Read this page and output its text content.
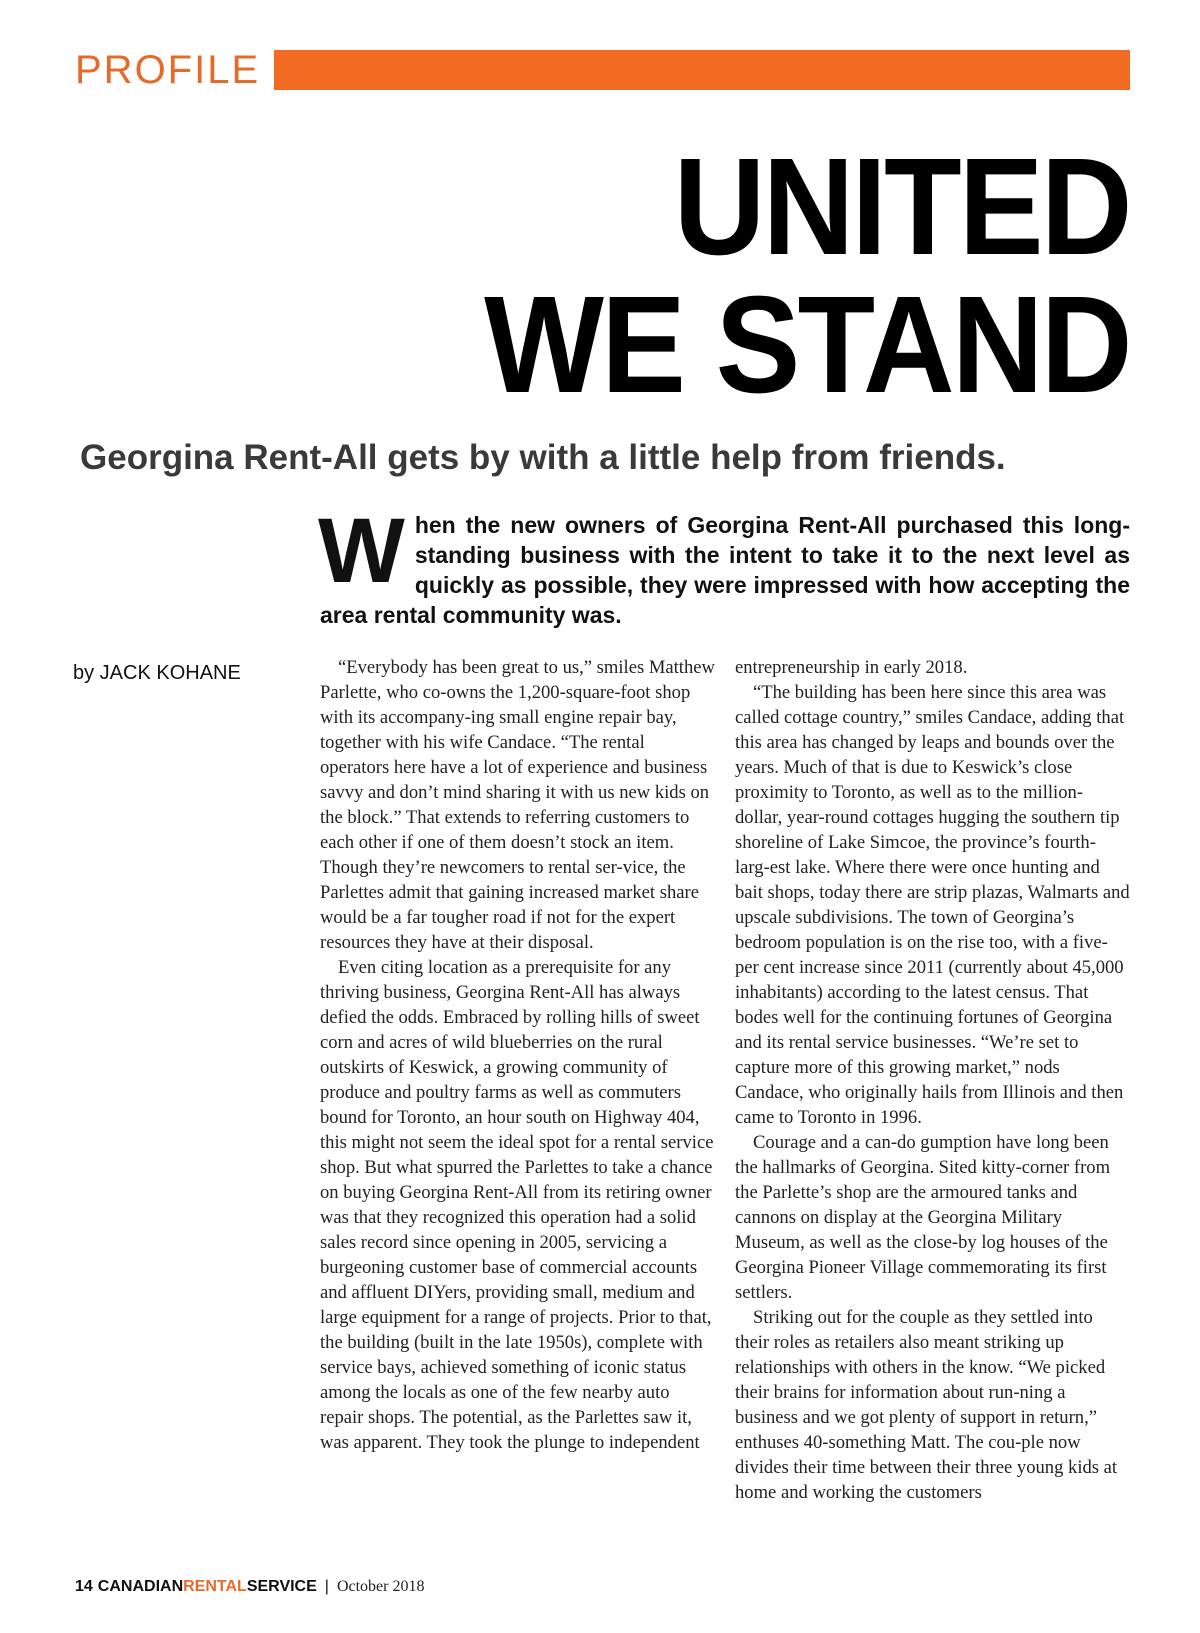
PROFILE
UNITED
WE STAND
Georgina Rent-All gets by with a little help from friends.
When the new owners of Georgina Rent-All purchased this long-standing business with the intent to take it to the next level as quickly as possible, they were impressed with how accepting the area rental community was.
by JACK KOHANE	“Everybody has been great to us,” smiles Matthew Parlette, who co-owns the 1,200-square-foot shop with its accompany-ing small engine repair bay, together with his wife Candace. “The rental operators here have a lot of experience and business savvy and don’t mind sharing it with us new kids on the block.” That extends to referring customers to each other if one of them doesn’t stock an item. Though they’re newcomers to rental ser-vice, the Parlettes admit that gaining increased market share would be a far tougher road if not for the expert resources they have at their disposal.

Even citing location as a prerequisite for any thriving business, Georgina Rent-All has always defied the odds. Embraced by rolling hills of sweet corn and acres of wild blueberries on the rural outskirts of Keswick, a growing community of produce and poultry farms as well as commuters bound for Toronto, an hour south on Highway 404, this might not seem the ideal spot for a rental service shop. But what spurred the Parlettes to take a chance on buying Georgina Rent-All from its retiring owner was that they recognized this operation had a solid sales record since opening in 2005, servicing a burgeoning customer base of commercial accounts and affluent DIYers, providing small, medium and large equipment for a range of projects. Prior to that, the building (built in the late 1950s), complete with service bays, achieved something of iconic status among the locals as one of the few nearby auto repair shops. The potential, as the Parlettes saw it, was apparent. They took the plunge to independent

entrepreneurship in early 2018.

“The building has been here since this area was called cottage country,” smiles Candace, adding that this area has changed by leaps and bounds over the years. Much of that is due to Keswick’s close proximity to Toronto, as well as to the million-dollar, year-round cottages hugging the southern tip shoreline of Lake Simcoe, the province’s fourth-larg-est lake. Where there were once hunting and bait shops, today there are strip plazas, Walmarts and upscale subdivisions. The town of Georgina’s bedroom population is on the rise too, with a five-per cent increase since 2011 (currently about 45,000 inhabitants) according to the latest census. That bodes well for the continuing fortunes of Georgina and its rental service businesses. “We’re set to capture more of this growing market,” nods Candace, who originally hails from Illinois and then came to Toronto in 1996.

Courage and a can-do gumption have long been the hallmarks of Georgina. Sited kitty-corner from the Parlette’s shop are the armoured tanks and cannons on display at the Georgina Military Museum, as well as the close-by log houses of the Georgina Pioneer Village commemorating its first settlers.

Striking out for the couple as they settled into their roles as retailers also meant striking up relationships with others in the know. “We picked their brains for information about run-ning a business and we got plenty of support in return,” enthuses 40-something Matt. The cou-ple now divides their time between their three young kids at home and working the customers

14 CANADIAN RENTAL SERVICE | October 2018
